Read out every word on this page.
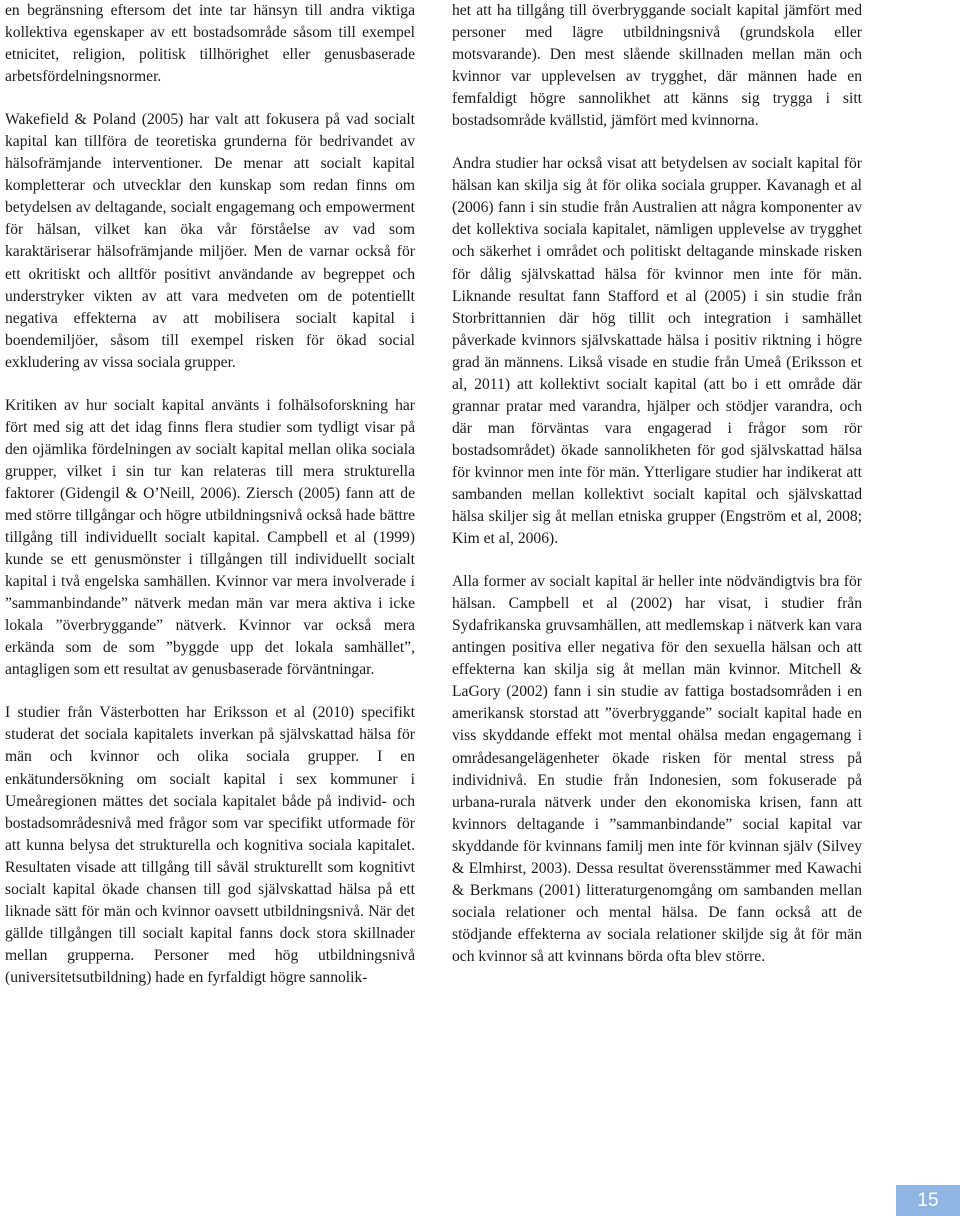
en begränsning eftersom det inte tar hänsyn till andra viktiga kollektiva egenskaper av ett bostadsområde såsom till exempel etnicitet, religion, politisk tillhörighet eller genusbaserade arbetsfördelningsnormer.

Wakefield & Poland (2005) har valt att fokusera på vad socialt kapital kan tillföra de teoretiska grunderna för bedrivandet av hälsofrämjande interventioner. De menar att socialt kapital kompletterar och utvecklar den kunskap som redan finns om betydelsen av deltagande, socialt engagemang och empowerment för hälsan, vilket kan öka vår förståelse av vad som karaktäriserar hälsofrämjande miljöer. Men de varnar också för ett okritiskt och alltför positivt användande av begreppet och understryker vikten av att vara medveten om de potentiellt negativa effekterna av att mobilisera socialt kapital i boendemiljöer, såsom till exempel risken för ökad social exkludering av vissa sociala grupper.

Kritiken av hur socialt kapital använts i folhälsoforskning har fört med sig att det idag finns flera studier som tydligt visar på den ojämlika fördelningen av socialt kapital mellan olika sociala grupper, vilket i sin tur kan relateras till mera strukturella faktorer (Gidengil & O’Neill, 2006). Ziersch (2005) fann att de med större tillgångar och högre utbildningsnivå också hade bättre tillgång till individuellt socialt kapital. Campbell et al (1999) kunde se ett genusmönster i tillgången till individuellt socialt kapital i två engelska samhällen. Kvinnor var mera involverade i ”sammanbindande” nätverk medan män var mera aktiva i icke lokala ”överbryggande” nätverk. Kvinnor var också mera erkända som de som ”byggde upp det lokala samhället”, antagligen som ett resultat av genusbaserade förväntningar.

I studier från Västerbotten har Eriksson et al (2010) specifikt studerat det sociala kapitalets inverkan på självskattad hälsa för män och kvinnor och olika sociala grupper. I en enkätundersökning om socialt kapital i sex kommuner i Umeåregionen mättes det sociala kapitalet både på individ- och bostadsområdesnivå med frågor som var specifikt utformade för att kunna belysa det strukturella och kognitiva sociala kapitalet. Resultaten visade att tillgång till såväl strukturellt som kognitivt socialt kapital ökade chansen till god självskattad hälsa på ett liknade sätt för män och kvinnor oavsett utbildningsnivå. När det gällde tillgången till socialt kapital fanns dock stora skillnader mellan grupperna. Personer med hög utbildningsnivå (universitetsutbildning) hade en fyrfaldigt högre sannolik-

het att ha tillgång till överbryggande socialt kapital jämfört med personer med lägre utbildningsnivå (grundskola eller motsvarande). Den mest slående skillnaden mellan män och kvinnor var upplevelsen av trygghet, där männen hade en femfaldigt högre sannolikhet att känns sig trygga i sitt bostadsområde kvällstid, jämfört med kvinnorna.

Andra studier har också visat att betydelsen av socialt kapital för hälsan kan skilja sig åt för olika sociala grupper. Kavanagh et al (2006) fann i sin studie från Australien att några komponenter av det kollektiva sociala kapitalet, nämligen upplevelse av trygghet och säkerhet i området och politiskt deltagande minskade risken för dålig självskattad hälsa för kvinnor men inte för män. Liknande resultat fann Stafford et al (2005) i sin studie från Storbrittannien där hög tillit och integration i samhället påverkade kvinnors självskattade hälsa i positiv riktning i högre grad än männens. Likså visade en studie från Umeå (Eriksson et al, 2011) att kollektivt socialt kapital (att bo i ett område där grannar pratar med varandra, hjälper och stödjer varandra, och där man förväntas vara engagerad i frågor som rör bostadsområdet) ökade sannolikheten för god självskattad hälsa för kvinnor men inte för män. Ytterligare studier har indikerat att sambanden mellan kollektivt socialt kapital och självskattad hälsa skiljer sig åt mellan etniska grupper (Engström et al, 2008; Kim et al, 2006).

Alla former av socialt kapital är heller inte nödvändigtvis bra för hälsan. Campbell et al (2002) har visat, i studier från Sydafrikanska gruvsamhällen, att medlemskap i nätverk kan vara antingen positiva eller negativa för den sexuella hälsan och att effekterna kan skilja sig åt mellan män kvinnor. Mitchell & LaGory (2002) fann i sin studie av fattiga bostadsområden i en amerikansk storstad att ”överbryggande” socialt kapital hade en viss skyddande effekt mot mental ohälsa medan engagemang i områdesangelägenheter ökade risken för mental stress på individnivå. En studie från Indonesien, som fokuserade på urbana-rurala nätverk under den ekonomiska krisen, fann att kvinnors deltagande i ”sammanbindande” social kapital var skyddande för kvinnans familj men inte för kvinnan själv (Silvey & Elmhirst, 2003). Dessa resultat överensstämmer med Kawachi & Berkmans (2001) litteraturgenomgång om sambanden mellan sociala relationer och mental hälsa. De fann också att de stödjande effekterna av sociala relationer skiljde sig åt för män och kvinnor så att kvinnans börda ofta blev större.

15
